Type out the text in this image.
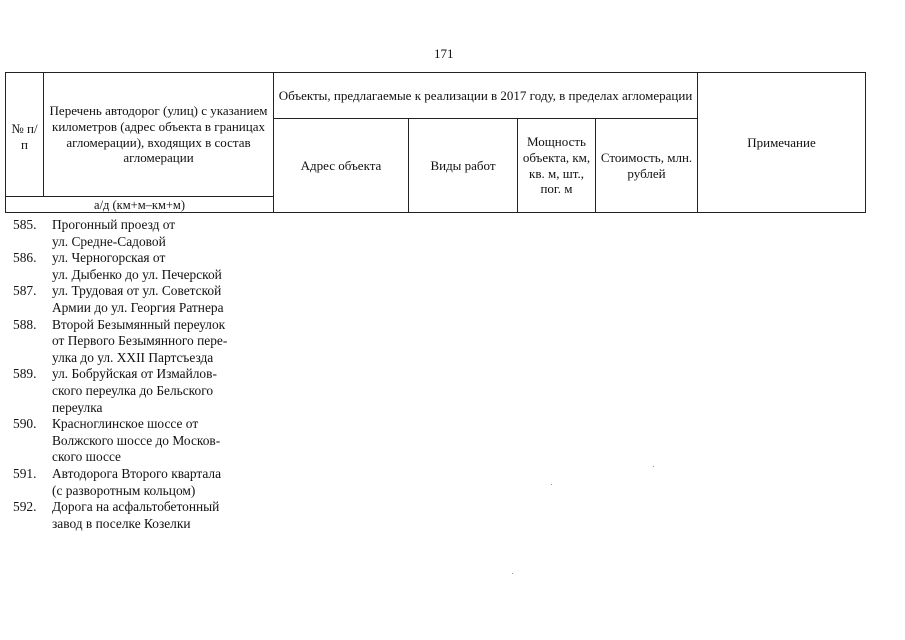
171
№ п/п	Перечень автодорог (улиц) с указанием километров (адрес объекта в границах агломерации), входящих в состав агломерации	Объекты, предлагаемые к реализации в 2017 году, в пределах агломерации				Примечание
		Адрес объекта	Виды работ	Мощность объекта, км, кв. м, шт., пог. м	Стоимость, млн. рублей	
а/д (км+м–км+м)						
585.	Прогонный проезд от
ул. Средне-Садовой
586.	ул. Черногорская от
ул. Дыбенко до ул. Печерской
587.	ул. Трудовая от ул. Советской
Армии до ул. Георгия Ратнера
588.	Второй Безымянный переулок
от Первого Безымянного пере-
улка до ул. XXII Партсъезда
589.	ул. Бобруйская от Измайлов-
ского переулка до Бельского
переулка
590.	Красноглинское шоссе от
Волжского шоссе до Москов-
ского шоссе
591.	Автодорога Второго квартала
(с разворотным кольцом)
592.	Дорога на асфальтобетонный
завод в поселке Козелки
